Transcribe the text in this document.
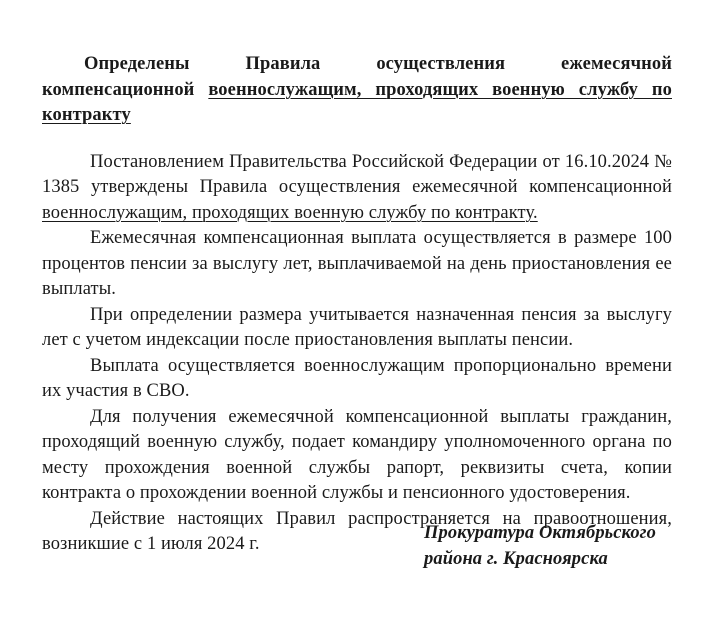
Определены Правила осуществления ежемесячной компенсационной военнослужащим, проходящих военную службу по контракту

Постановлением Правительства Российской Федерации от 16.10.2024 № 1385 утверждены Правила осуществления ежемесячной компенсационной военнослужащим, проходящих военную службу по контракту.

Ежемесячная компенсационная выплата осуществляется в размере 100 процентов пенсии за выслугу лет, выплачиваемой на день приостановления ее выплаты.

При определении размера учитывается назначенная пенсия за выслугу лет с учетом индексации после приостановления выплаты пенсии.

Выплата осуществляется военнослужащим пропорционально времени их участия в СВО.

Для получения ежемесячной компенсационной выплаты гражданин, проходящий военную службу, подает командиру уполномоченного органа по месту прохождения военной службы рапорт, реквизиты счета, копии контракта о прохождении военной службы и пенсионного удостоверения.

Действие настоящих Правил распространяется на правоотношения, возникшие с 1 июля 2024 г.

Прокуратура Октябрьского
района г. Красноярска
